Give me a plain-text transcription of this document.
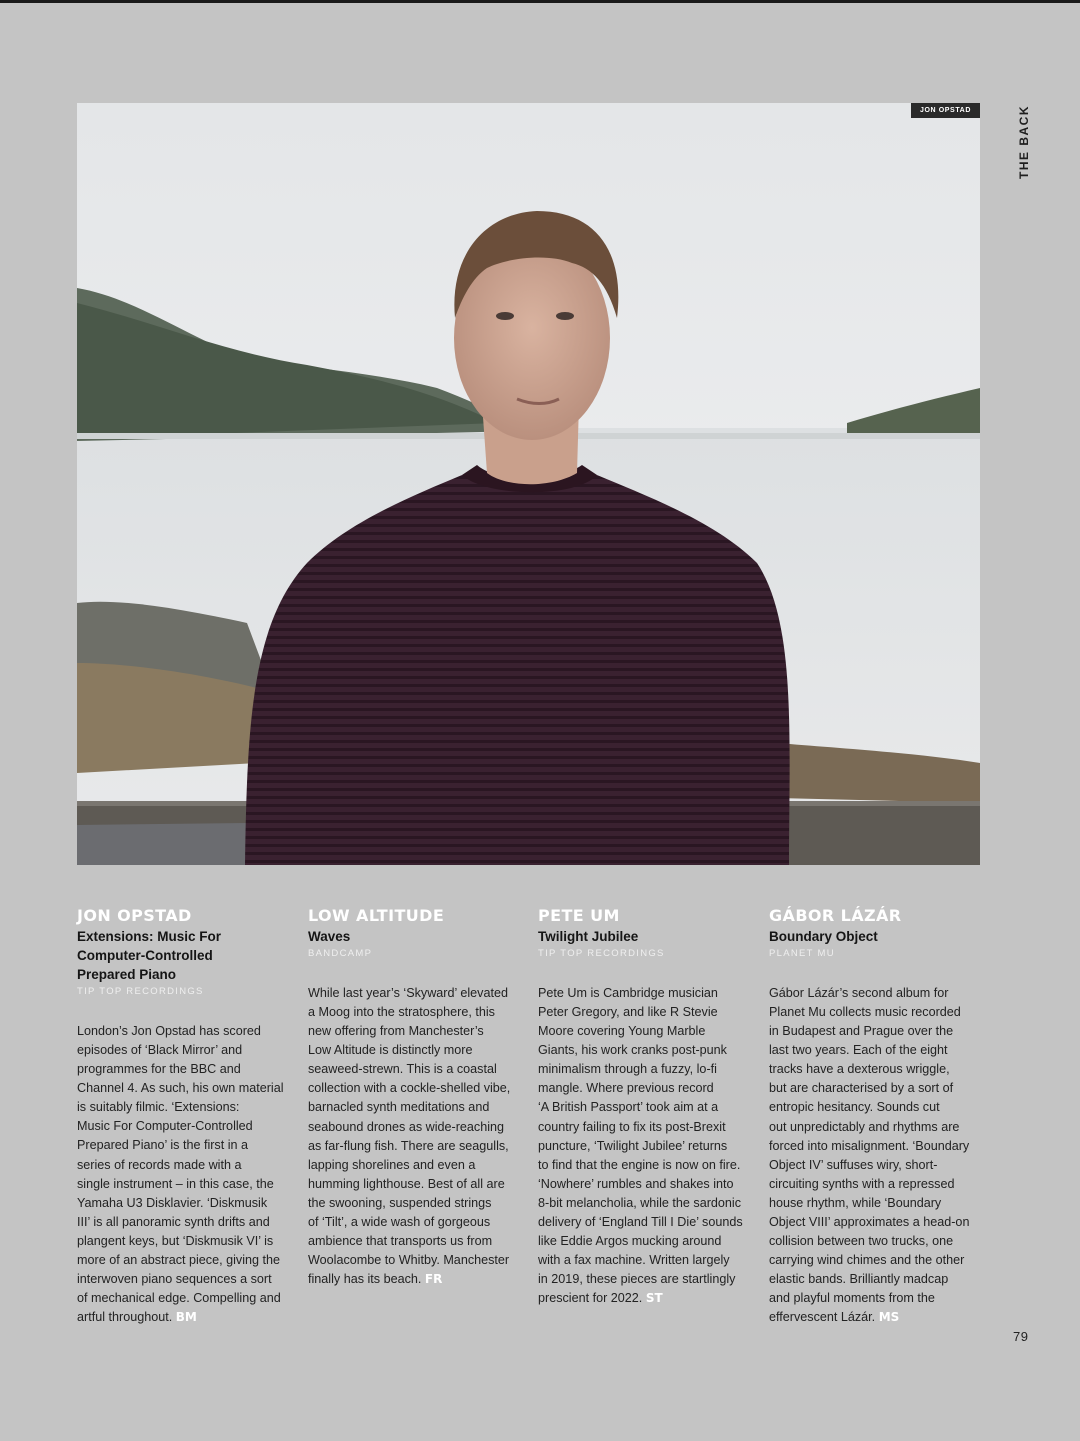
THE BACK
JON OPSTAD
JON OPSTAD
Extensions: Music For
Computer-Controlled
Prepared Piano
TIP TOP RECORDINGS

London’s Jon Opstad has scored

episodes of ‘Black Mirror’ and

programmes for the BBC and

Channel 4. As such, his own material

is suitably filmic. ‘Extensions:

Music For Computer-Controlled

Prepared Piano’ is the first in a

series of records made with a

single instrument – in this case, the

Yamaha U3 Disklavier. ‘Diskmusik

III’ is all panoramic synth drifts and

plangent keys, but ‘Diskmusik VI’ is

more of an abstract piece, giving the

interwoven piano sequences a sort

of mechanical edge. Compelling and

artful throughout. BM

LOW ALTITUDE
Waves
BANDCAMP

While last year’s ‘Skyward’ elevated

a Moog into the stratosphere, this

new offering from Manchester’s

Low Altitude is distinctly more

seaweed-strewn. This is a coastal

collection with a cockle-shelled vibe,

barnacled synth meditations and

seabound drones as wide-reaching

as far-flung fish. There are seagulls,

lapping shorelines and even a

humming lighthouse. Best of all are

the swooning, suspended strings

of ‘Tilt’, a wide wash of gorgeous

ambience that transports us from

Woolacombe to Whitby. Manchester

finally has its beach. FR

PETE UM
Twilight Jubilee
TIP TOP RECORDINGS

Pete Um is Cambridge musician

Peter Gregory, and like R Stevie

Moore covering Young Marble

Giants, his work cranks post-punk

minimalism through a fuzzy, lo-fi

mangle. Where previous record

‘A British Passport’ took aim at a

country failing to fix its post-Brexit

puncture, ‘Twilight Jubilee’ returns

to find that the engine is now on fire.

‘Nowhere’ rumbles and shakes into

8-bit melancholia, while the sardonic

delivery of ‘England Till I Die’ sounds

like Eddie Argos mucking around

with a fax machine. Written largely

in 2019, these pieces are startlingly

prescient for 2022. ST

GÁBOR LÁZÁR
Boundary Object
PLANET MU

Gábor Lázár’s second album for

Planet Mu collects music recorded

in Budapest and Prague over the

last two years. Each of the eight

tracks have a dexterous wriggle,

but are characterised by a sort of

entropic hesitancy. Sounds cut

out unpredictably and rhythms are

forced into misalignment. ‘Boundary

Object IV’ suffuses wiry, short-

circuiting synths with a repressed

house rhythm, while ‘Boundary

Object VIII’ approximates a head-on

collision between two trucks, one

carrying wind chimes and the other

elastic bands. Brilliantly madcap

and playful moments from the

effervescent Lázár. MS

79
